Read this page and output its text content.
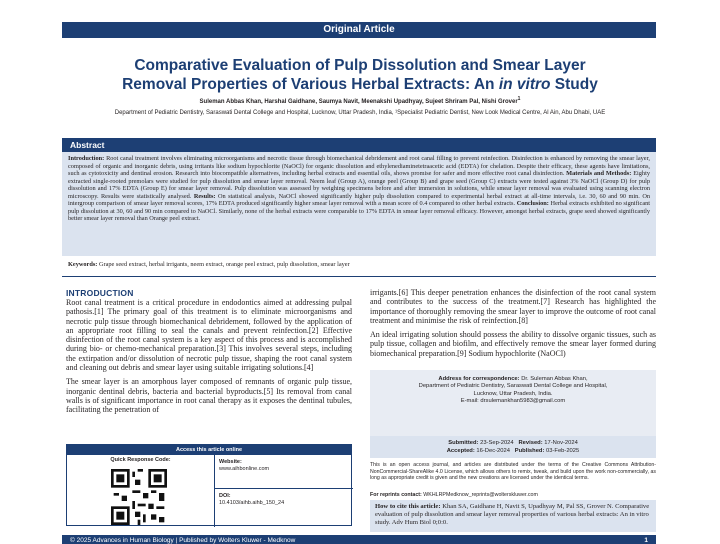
Original Article
Comparative Evaluation of Pulp Dissolution and Smear Layer
Removal Properties of Various Herbal Extracts: An in vitro Study
Suleman Abbas Khan, Harshal Gaidhane, Saumya Navit, Meenakshi Upadhyay, Sujeet Shriram Pal, Nishi Grover$^1$
Department of Pediatric Dentistry, Saraswati Dental College and Hospital, Lucknow, Uttar Pradesh, India, ¹Specialist Pediatric Dentist, New Look Medical Centre, Al Ain, Abu Dhabi, UAE
Abstract
Introduction: Root canal treatment involves eliminating microorganisms and necrotic tissue through biomechanical debridement and root canal filling to prevent reinfection. Disinfection is enhanced by removing the smear layer, composed of organic and inorganic debris, using irritants like sodium hypochlorite (NaOCl) for organic dissolution and ethylenediaminetetraacetic acid (EDTA) for chelation. Despite their efficacy, these agents have limitations, such as cytotoxicity and dentinal erosion. Research into biocompatible alternatives, including herbal extracts and essential oils, shows promise for safer and more effective root canal disinfection. Materials and Methods: Eighty extracted single-rooted premolars were studied for pulp dissolution and smear layer removal. Neem leaf (Group A), orange peel (Group B) and grape seed (Group C) extracts were tested against 3% NaOCl (Group D) for pulp dissolution and 17% EDTA (Group E) for smear layer removal. Pulp dissolution was assessed by weighing specimens before and after immersion in solutions, while smear layer removal was evaluated using scanning electron microscopy. Results were statistically analysed. Results: On statistical analysis, NaOCl showed significantly higher pulp dissolution compared to experimental herbal extract at all-time intervals, i.e. 30, 60 and 90 min. On intergroup comparison of smear layer removal scores, 17% EDTA produced significantly higher smear layer removal with a mean score of 0.4 compared to other herbal extracts. Conclusion: Herbal extracts exhibited no significant pulp dissolution at 30, 60 and 90 min compared to NaOCl. Similarly, none of the herbal extracts were comparable to 17% EDTA in smear layer removal efficacy. However, amongst herbal extracts, grape seed showed significantly better smear layer removal than Orange peel extract.
Keywords: Grape seed extract, herbal irrigants, neem extract, orange peel extract, pulp dissolution, smear layer
INTRODUCTION

Root canal treatment is a critical procedure in endodontics aimed at addressing pulpal pathosis.[1] The primary goal of this treatment is to eliminate microorganisms and necrotic pulp tissue through biomechanical debridement, followed by the application of an appropriate root filling to seal the canals and prevent reinfection.[2] Effective disinfection of the root canal system is a key aspect of this process and is accomplished during bio- or chemo-mechanical preparation.[3] This involves several steps, including the extirpation and/or dissolution of necrotic pulp tissue, shaping the root canal system and cleaning out debris and smear layer using suitable irrigating solutions.[4]

The smear layer is an amorphous layer composed of remnants of organic pulp tissue, inorganic dentinal debris, bacteria and bacterial byproducts.[5] Its removal from canal walls is of significant importance in root canal therapy as it exposes the dentinal tubules, facilitating the penetration of

irrigants.[6] This deeper penetration enhances the disinfection of the root canal system and contributes to the success of the treatment.[7] Research has highlighted the importance of thoroughly removing the smear layer to improve the outcome of root canal treatment and minimise the risk of reinfection.[8]

An ideal irrigating solution should possess the ability to dissolve organic tissues, such as pulp tissue, collagen and biofilm, and effectively remove the smear layer formed during biomechanical preparation.[9] Sodium hypochlorite (NaOCl)

Access this article online
Quick Response Code:	Website:
www.aihbonline.com
DOI:
10.4103/aihb.aihb_150_24
Address for correspondence: Dr. Suleman Abbas Khan,
Department of Pediatric Dentistry, Saraswati Dental College and Hospital,
Lucknow, Uttar Pradesh, India.
E-mail: drsulemankhan5983@gmail.com
Submitted: 23-Sep-2024 Revised: 17-Nov-2024
Accepted: 16-Dec-2024 Published: 03-Feb-2025
This is an open access journal, and articles are distributed under the terms of the Creative Commons Attribution-NonCommercial-ShareAlike 4.0 License, which allows others to remix, tweak, and build upon the work non-commercially, as long as appropriate credit is given and the new creations are licensed under the identical terms.
For reprints contact: WKHLRPMedknow_reprints@wolterskluwer.com
How to cite this article: Khan SA, Gaidhane H, Navit S, Upadhyay M, Pal SS, Grover N. Comparative evaluation of pulp dissolution and smear layer removal properties of various herbal extracts: An in vitro study. Adv Hum Biol 0;0:0.
© 2025 Advances in Human Biology | Published by Wolters Kluwer - Medknow	1
